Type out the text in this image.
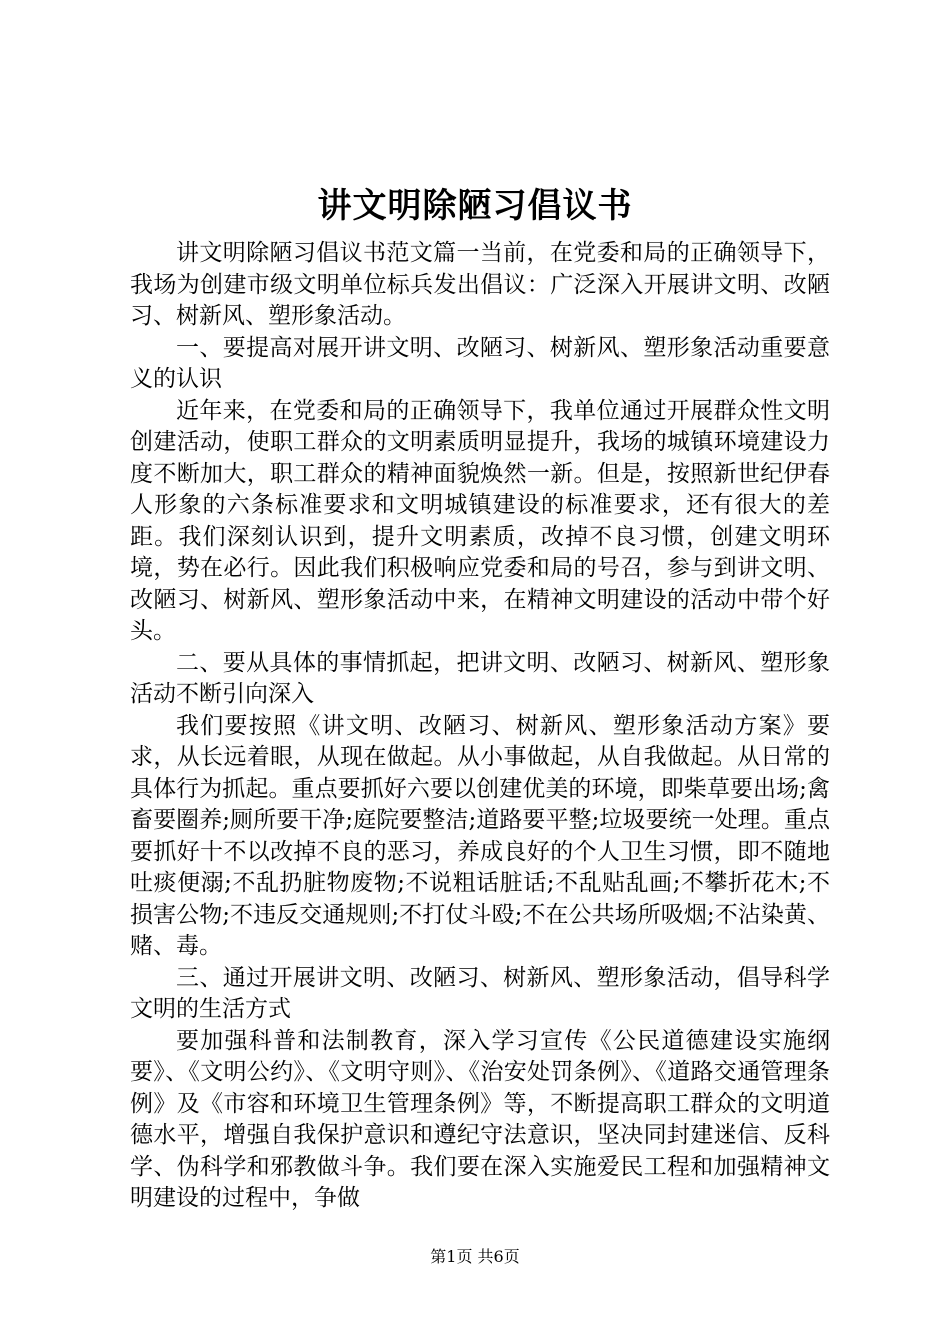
讲文明除陋习倡议书

讲文明除陋习倡议书范文篇一当前，在党委和局的正确领导下，我场为创建市级文明单位标兵发出倡议：广泛深入开展讲文明、改陋习、树新风、塑形象活动。

一、要提高对展开讲文明、改陋习、树新风、塑形象活动重要意义的认识

近年来，在党委和局的正确领导下，我单位通过开展群众性文明创建活动，使职工群众的文明素质明显提升，我场的城镇环境建设力度不断加大，职工群众的精神面貌焕然一新。但是，按照新世纪伊春人形象的六条标准要求和文明城镇建设的标准要求，还有很大的差距。我们深刻认识到，提升文明素质，改掉不良习惯，创建文明环境，势在必行。因此我们积极响应党委和局的号召，参与到讲文明、改陋习、树新风、塑形象活动中来，在精神文明建设的活动中带个好头。

二、要从具体的事情抓起，把讲文明、改陋习、树新风、塑形象活动不断引向深入

我们要按照《讲文明、改陋习、树新风、塑形象活动方案》要求，从长远着眼，从现在做起。从小事做起，从自我做起。从日常的具体行为抓起。重点要抓好六要以创建优美的环境，即柴草要出场;禽畜要圈养;厕所要干净;庭院要整洁;道路要平整;垃圾要统一处理。重点要抓好十不以改掉不良的恶习，养成良好的个人卫生习惯，即不随地吐痰便溺;不乱扔脏物废物;不说粗话脏话;不乱贴乱画;不攀折花木;不损害公物;不违反交通规则;不打仗斗殴;不在公共场所吸烟;不沾染黄、赌、毒。

三、通过开展讲文明、改陋习、树新风、塑形象活动，倡导科学文明的生活方式

要加强科普和法制教育，深入学习宣传《公民道德建设实施纲要》、《文明公约》、《文明守则》、《治安处罚条例》、《道路交通管理条例》及《市容和环境卫生管理条例》等，不断提高职工群众的文明道德水平，增强自我保护意识和遵纪守法意识，坚决同封建迷信、反科学、伪科学和邪教做斗争。我们要在深入实施爱民工程和加强精神文明建设的过程中，争做

第1页 共6页
